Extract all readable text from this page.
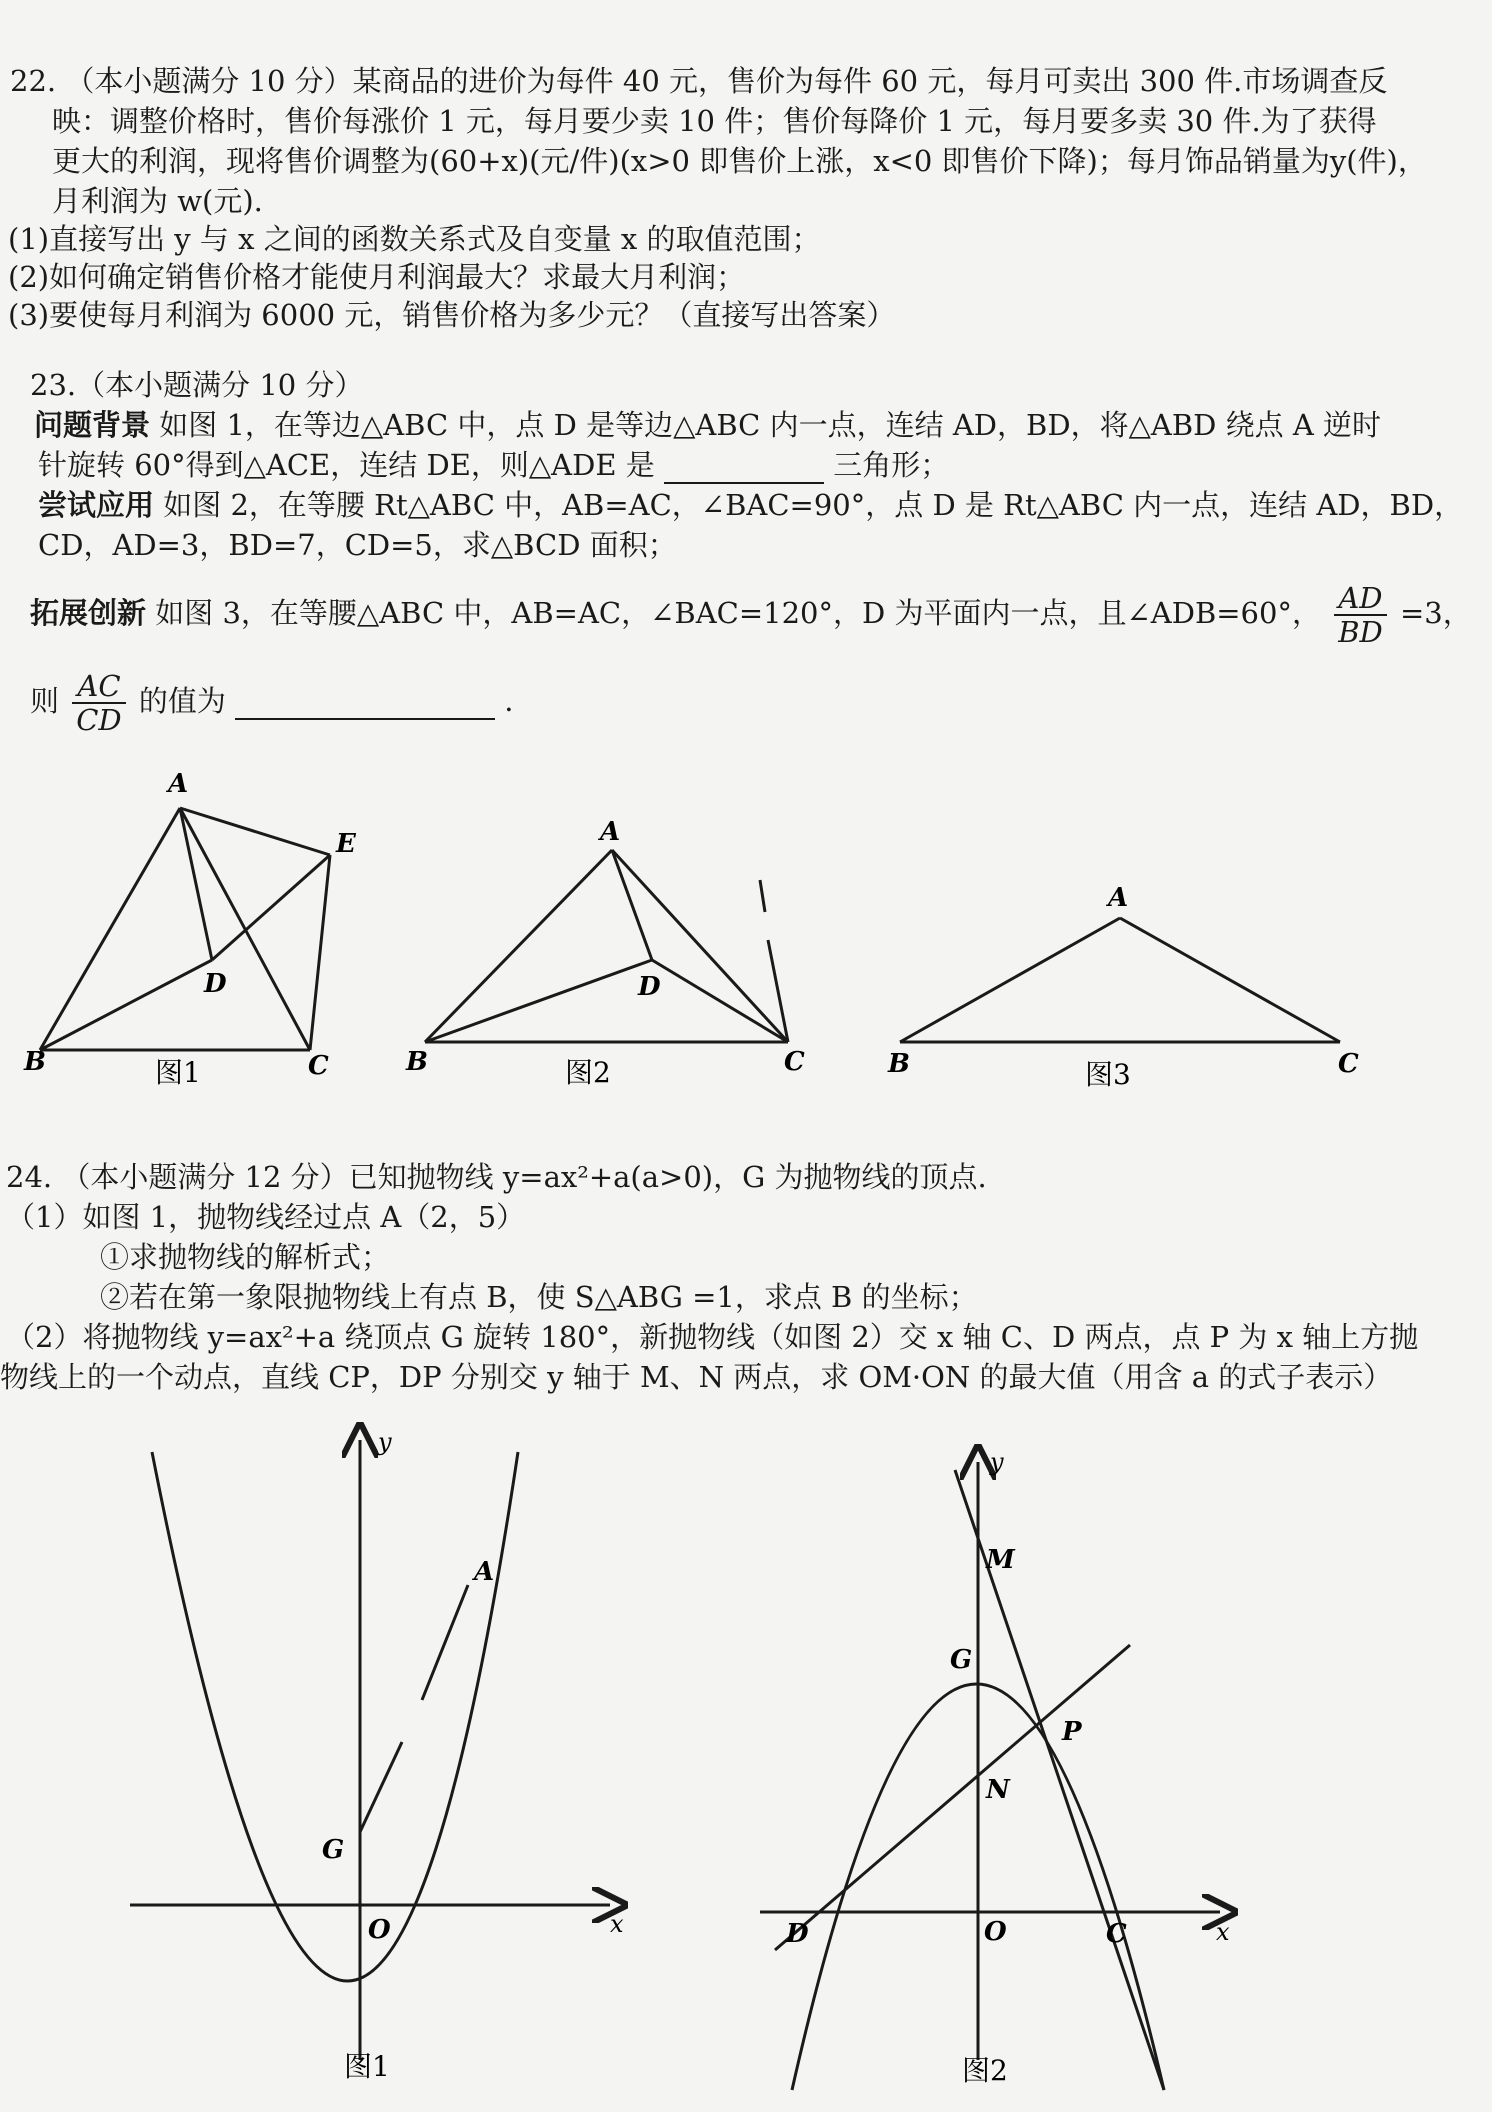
22. （本小题满分 10 分）某商品的进价为每件 40 元，售价为每件 60 元，每月可卖出 300 件.市场调查反
映：调整价格时，售价每涨价 1 元，每月要少卖 10 件；售价每降价 1 元，每月要多卖 30 件.为了获得
更大的利润，现将售价调整为(60+x)(元/件)(x>0 即售价上涨，x<0 即售价下降)；每月饰品销量为y(件)，
月利润为 w(元).
(1)直接写出 y 与 x 之间的函数关系式及自变量 x 的取值范围；
(2)如何确定销售价格才能使月利润最大？求最大月利润；
(3)要使每月利润为 6000 元，销售价格为多少元？（直接写出答案）
23.（本小题满分 10 分）
问题背景 如图 1，在等边△ABC 中，点 D 是等边△ABC 内一点，连结 AD，BD，将△ABD 绕点 A 逆时
针旋转 60°得到△ACE，连结 DE，则△ADE 是	三角形；
尝试应用 如图 2，在等腰 Rt△ABC 中，AB=AC，∠BAC=90°，点 D 是 Rt△ABC 内一点，连结 AD，BD，
CD，AD=3，BD=7，CD=5，求△BCD 面积；
拓展创新 如图 3，在等腰△ABC 中，AB=AC，∠BAC=120°，D 为平面内一点，且∠ADB=60°， $\frac{AD}{BD} =3$，
则 $\frac{AC}{CD}$ 的值为	．
A
E
D
B	C
图1
A
D
B	C
图2
A
B	C
图3
24. （本小题满分 12 分）已知抛物线 y=ax²+a(a>0)，G 为抛物线的顶点.
（1）如图 1，抛物线经过点 A（2，5）
①求抛物线的解析式；
②若在第一象限抛物线上有点 B，使 S△ABG =1，求点 B 的坐标；
（2）将抛物线 y=ax²+a 绕顶点 G 旋转 180°，新抛物线（如图 2）交 x 轴 C、D 两点，点 P 为 x 轴上方抛
物线上的一个动点，直线 CP，DP 分别交 y 轴于 M、N 两点，求 OM·ON 的最大值（用含 a 的式子表示）
y
x
O
G
A
图1
y
x
O
G
M
N
P
D	C
图2
